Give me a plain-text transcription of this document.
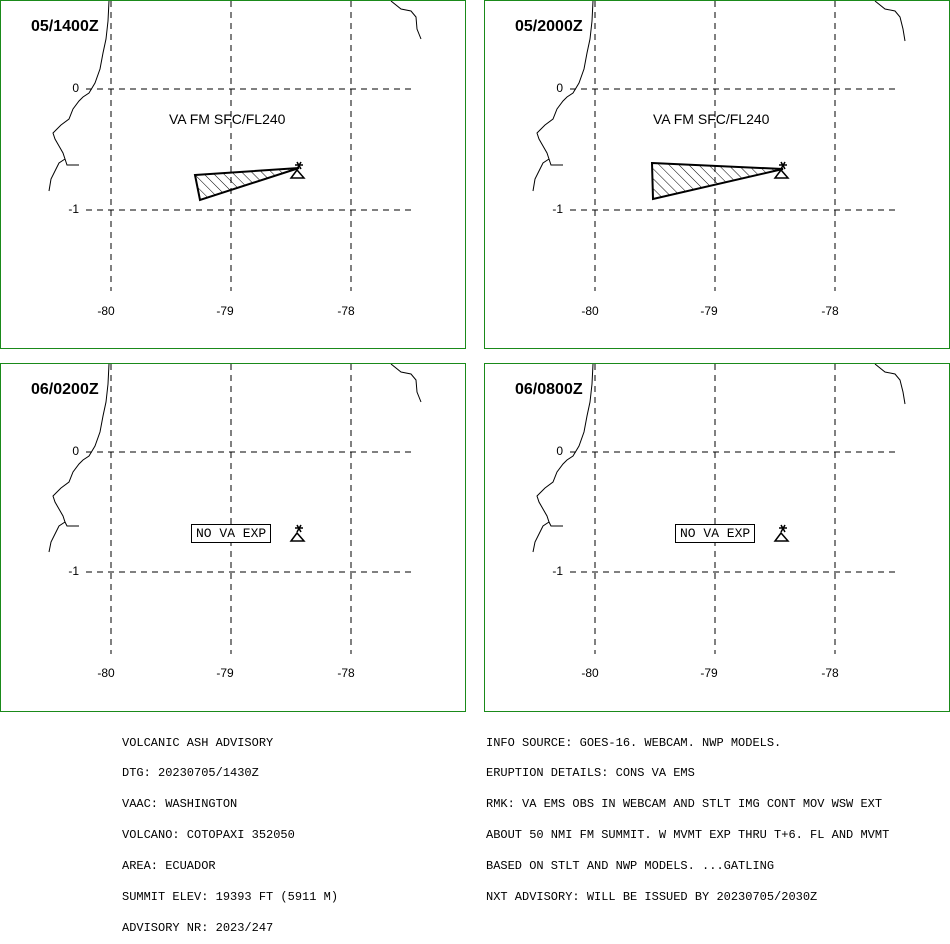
05/1400Z
VA FM SFC/FL240
0
-1
-80	-79	-78
05/2000Z
VA FM SFC/FL240
0
-1
-80	-79	-78
06/0200Z
NO VA EXP
0
-1
-80	-79	-78
06/0800Z
NO VA EXP
0
-1
-80	-79	-78

VOLCANIC ASH ADVISORY

DTG: 20230705/1430Z

VAAC: WASHINGTON

VOLCANO: COTOPAXI 352050

AREA: ECUADOR

SUMMIT ELEV: 19393 FT (5911 M)

ADVISORY NR: 2023/247

INFO SOURCE: GOES-16. WEBCAM. NWP MODELS.

ERUPTION DETAILS: CONS VA EMS

RMK: VA EMS OBS IN WEBCAM AND STLT IMG CONT MOV WSW EXT

ABOUT 50 NMI FM SUMMIT. W MVMT EXP THRU T+6. FL AND MVMT

BASED ON STLT AND NWP MODELS. ...GATLING

NXT ADVISORY: WILL BE ISSUED BY 20230705/2030Z
